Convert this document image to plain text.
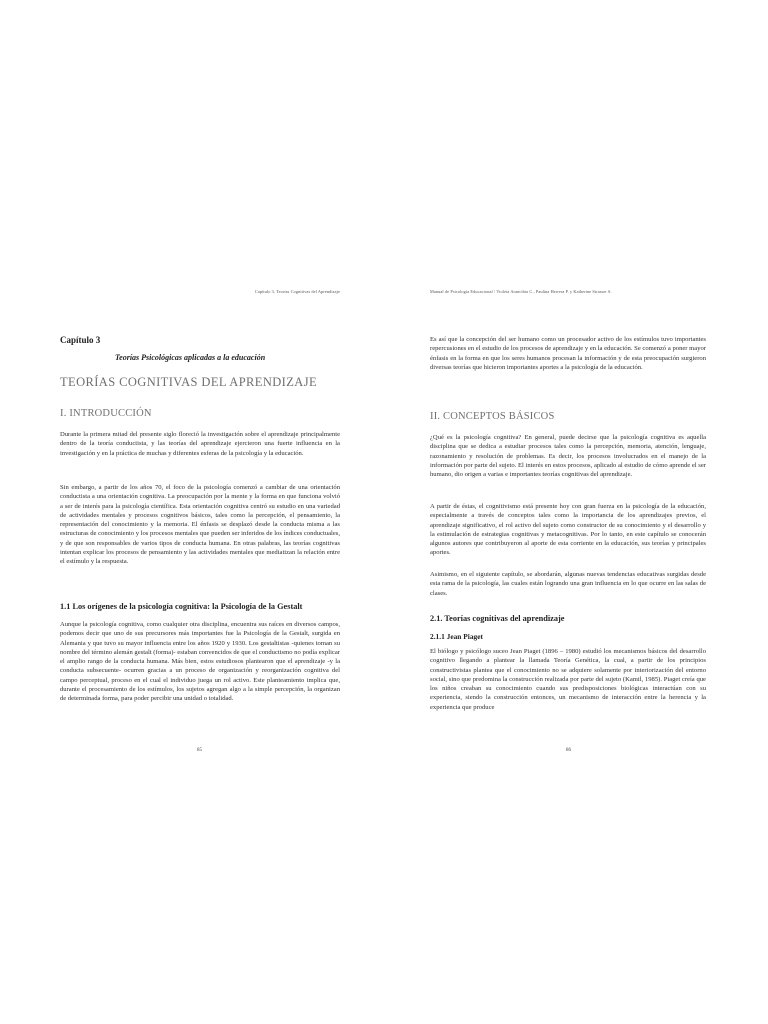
Capítulo 3, Teorías Cognitivas del Aprendizaje
Capítulo 3
Teorías Psicológicas aplicadas a la educación
TEORÍAS COGNITIVAS DEL APRENDIZAJE
I. INTRODUCCIÓN

Durante la primera mitad del presente siglo floreció la investigación sobre el aprendizaje principalmente dentro de la teoría conductista, y las teorías del aprendizaje ejercieron una fuerte influencia en la investigación y en la práctica de muchas y diferentes esferas de la psicología y la educación.

Sin embargo, a partir de los años 70, el foco de la psicología comenzó a cambiar de una orientación conductista a una orientación cognitiva. La preocupación por la mente y la forma en que funciona volvió a ser de interés para la psicología científica. Esta orientación cognitiva centró su estudio en una variedad de actividades mentales y procesos cognitivos básicos, tales como la percepción, el pensamiento, la representación del conocimiento y la memoria. El énfasis se desplazó desde la conducta misma a las estructuras de conocimiento y los procesos mentales que pueden ser inferidos de los índices conductuales, y de que son responsables de varios tipos de conducta humana. En otras palabras, las teorías cognitivas intentan explicar los procesos de pensamiento y las actividades mentales que mediatizan la relación entre el estímulo y la respuesta.

1.1 Los orígenes de la psicología cognitiva: la Psicología de la Gestalt

Aunque la psicología cognitiva, como cualquier otra disciplina, encuentra sus raíces en diversos campos, podemos decir que uno de sus precursores más importantes fue la Psicología de la Gestalt, surgida en Alemania y que tuvo su mayor influencia entre los años 1920 y 1930. Los gestaltistas -quienes toman su nombre del término alemán gestalt (forma)- estaban convencidos de que el conductismo no podía explicar el amplio rango de la conducta humana. Más bien, estos estudiosos plantearon que el aprendizaje -y la conducta subsecuente- ocurren gracias a un proceso de organización y reorganización cognitiva del campo perceptual, proceso en el cual el individuo juega un rol activo. Este planteamiento implica que, durante el procesamiento de los estímulos, los sujetos agregan algo a la simple percepción, la organizan de determinada forma, para poder percibir una unidad o totalidad.

85
Manual de Psicología Educacional / Violeta Arancibia C., Paulina Herrera P. y Katherine Strasser S.

Es así que la concepción del ser humano como un procesador activo de los estímulos tuvo importantes repercusiones en el estudio de los procesos de aprendizaje y en la educación. Se comenzó a poner mayor énfasis en la forma en que los seres humanos procesan la información y de esta preocupación surgieron diversas teorías que hicieron importantes aportes a la psicología de la educación.

II. CONCEPTOS BÁSICOS

¿Qué es la psicología cognitiva? En general, puede decirse que la psicología cognitiva es aquella disciplina que se dedica a estudiar procesos tales como la percepción, memoria, atención, lenguaje, razonamiento y resolución de problemas. Es decir, los procesos involucrados en el manejo de la información por parte del sujeto. El interés en estos procesos, aplicado al estudio de cómo aprende el ser humano, dio origen a varias e importantes teorías cognitivas del aprendizaje.

A partir de éstas, el cognitivismo está presente hoy con gran fuerza en la psicología de la educación, especialmente a través de conceptos tales como la importancia de los aprendizajes previos, el aprendizaje significativo, el rol activo del sujeto como constructor de su conocimiento y el desarrollo y la estimulación de estrategias cognitivas y metacognitivas. Por lo tanto, en este capítulo se conocerán algunos autores que contribuyeron al aporte de esta corriente en la educación, sus teorías y principales aportes.

Asimismo, en el siguiente capítulo, se abordarán, algunas nuevas tendencias educativas surgidas desde esta rama de la psicología, las cuales están logrando una gran influencia en lo que ocurre en las salas de clases.

2.1. Teorías cognitivas del aprendizaje
2.1.1 Jean Piaget

El biólogo y psicólogo suceo Jean Piaget (1896 – 1980) estudió los mecanismos básicos del desarrollo cognitivo llegando a plantear la llamada Teoría Genética, la cual, a partir de los principios constructivistas plantea que el conocimiento no se adquiere solamente por interiorización del entorno social, sino que predomina la construcción realizada por parte del sujeto (Kamil, 1985). Piaget creía que los niños creaban su conocimiento cuando sus predisposiciones biológicas interactúan con su experiencia, siendo la construcción entonces, un mecanismo de interacción entre la herencia y la experiencia que produce

86
